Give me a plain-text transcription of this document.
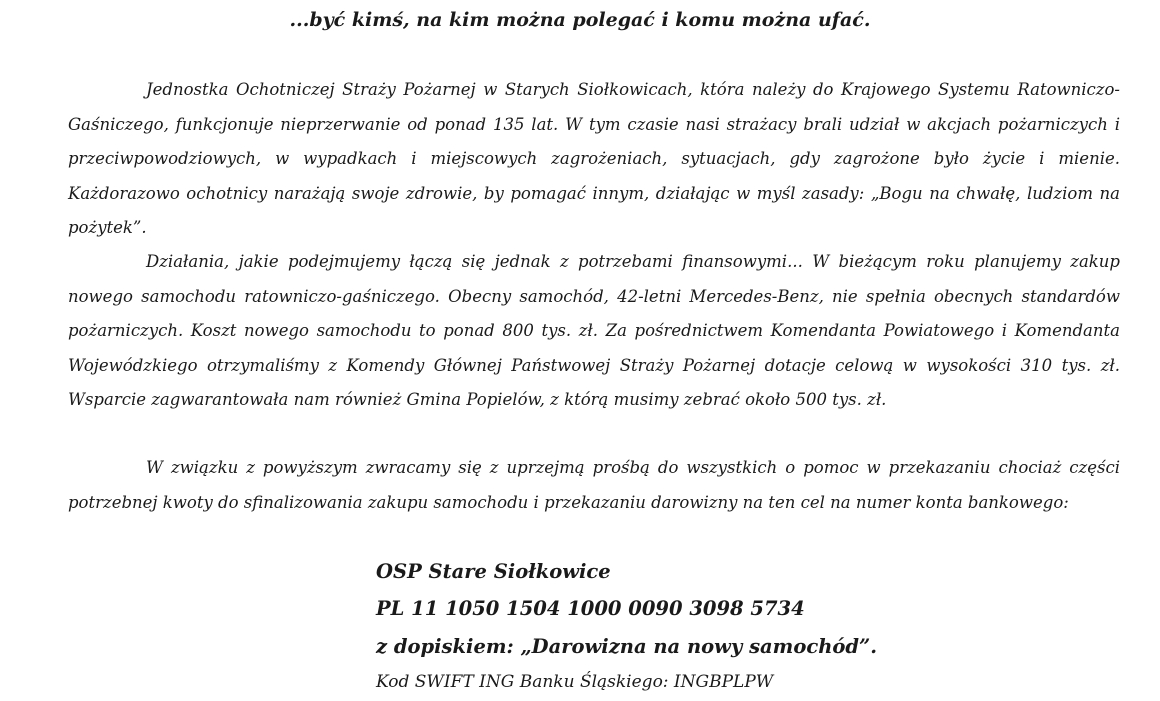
...być kimś, na kim można polegać i komu można ufać.

Jednostka Ochotniczej Straży Pożarnej w Starych Siołkowicach, która należy do Krajowego Systemu Ratowniczo-Gaśniczego, funkcjonuje nieprzerwanie od ponad 135 lat. W tym czasie nasi strażacy brali udział w akcjach pożarniczych i przeciwpowodziowych, w wypadkach i miejscowych zagrożeniach, sytuacjach, gdy zagrożone było życie i mienie. Każdorazowo ochotnicy narażają swoje zdrowie, by pomagać innym, działając w myśl zasady: „Bogu na chwałę, ludziom na pożytek”.

Działania, jakie podejmujemy łączą się jednak z potrzebami finansowymi... W bieżącym roku planujemy zakup nowego samochodu ratowniczo-gaśniczego. Obecny samochód, 42-letni Mercedes-Benz, nie spełnia obecnych standardów pożarniczych. Koszt nowego samochodu to ponad 800 tys. zł. Za pośrednictwem Komendanta Powiatowego i Komendanta Wojewódzkiego otrzymaliśmy z Komendy Głównej Państwowej Straży Pożarnej dotacje celową w wysokości 310 tys. zł. Wsparcie zagwarantowała nam również Gmina Popielów, z którą musimy zebrać około 500 tys. zł.

W związku z powyższym zwracamy się z uprzejmą prośbą do wszystkich o pomoc w przekazaniu chociaż części potrzebnej kwoty do sfinalizowania zakupu samochodu i przekazaniu darowizny na ten cel na numer konta bankowego:

OSP Stare Siołkowice

PL 11 1050 1504 1000 0090 3098 5734

z dopiskiem: „Darowizna na nowy samochód”.

Kod SWIFT ING Banku Śląskiego: INGBPLPW
